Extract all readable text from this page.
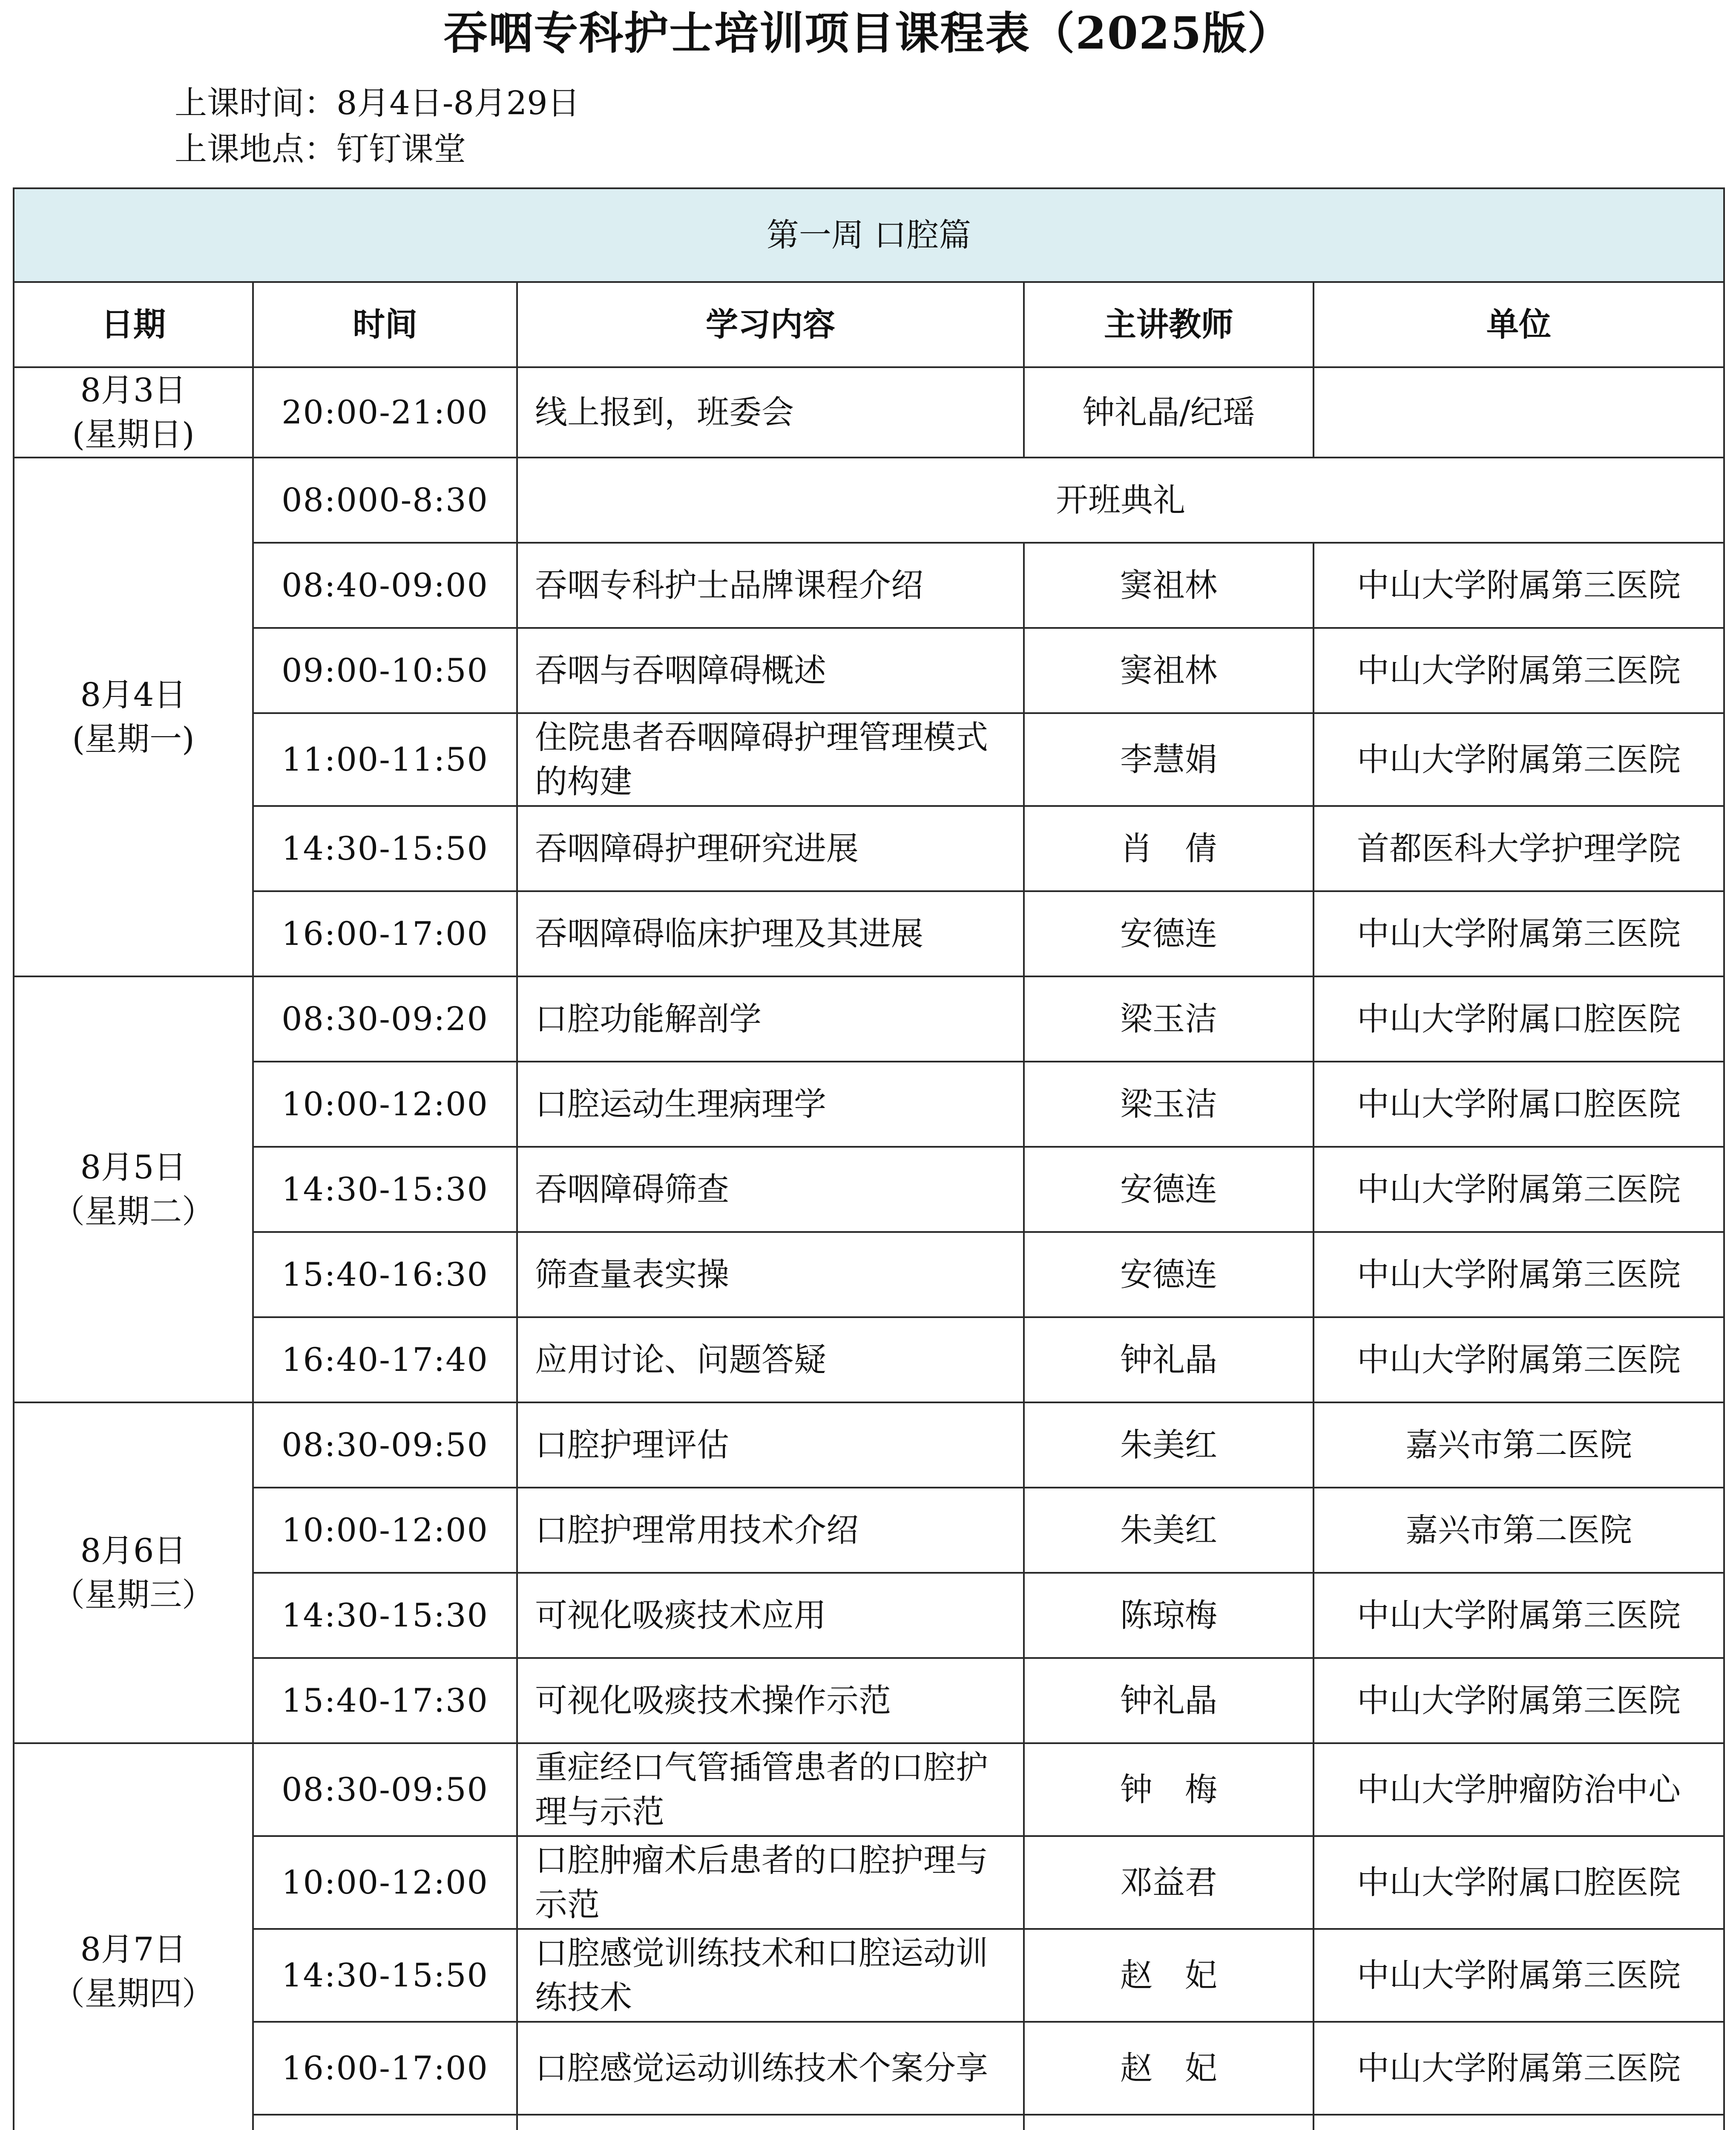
吞咽专科护士培训项目课程表（2025版）
上课时间：8月4日-8月29日
上课地点：钉钉课堂
第一周 口腔篇				
日期	时间	学习内容	主讲教师	单位

8月3日
(星期日)	20:00-21:00	线上报到，班委会	钟礼晶/纪瑶	

8月4日
(星期一)	08:000-8:30	开班典礼		
	08:40-09:00	吞咽专科护士品牌课程介绍	窦祖林	中山大学附属第三医院
	09:00-10:50	吞咽与吞咽障碍概述	窦祖林	中山大学附属第三医院
	11:00-11:50	住院患者吞咽障碍护理管理模式的构建	李慧娟	中山大学附属第三医院
	14:30-15:50	吞咽障碍护理研究进展	肖　倩	首都医科大学护理学院
	16:00-17:00	吞咽障碍临床护理及其进展	安德连	中山大学附属第三医院

8月5日
（星期二）	08:30-09:20	口腔功能解剖学	梁玉洁	中山大学附属口腔医院
	10:00-12:00	口腔运动生理病理学	梁玉洁	中山大学附属口腔医院
	14:30-15:30	吞咽障碍筛查	安德连	中山大学附属第三医院
	15:40-16:30	筛查量表实操	安德连	中山大学附属第三医院
	16:40-17:40	应用讨论、问题答疑	钟礼晶	中山大学附属第三医院

8月6日
（星期三）	08:30-09:50	口腔护理评估	朱美红	嘉兴市第二医院
	10:00-12:00	口腔护理常用技术介绍	朱美红	嘉兴市第二医院
	14:30-15:30	可视化吸痰技术应用	陈琼梅	中山大学附属第三医院
	15:40-17:30	可视化吸痰技术操作示范	钟礼晶	中山大学附属第三医院

8月7日
（星期四）	08:30-09:50	重症经口气管插管患者的口腔护理与示范	钟　梅	中山大学肿瘤防治中心
	10:00-12:00	口腔肿瘤术后患者的口腔护理与示范	邓益君	中山大学附属口腔医院
	14:30-15:50	口腔感觉训练技术和口腔运动训练技术	赵　妃	中山大学附属第三医院
	16:00-17:00	口腔感觉运动训练技术个案分享	赵　妃	中山大学附属第三医院
